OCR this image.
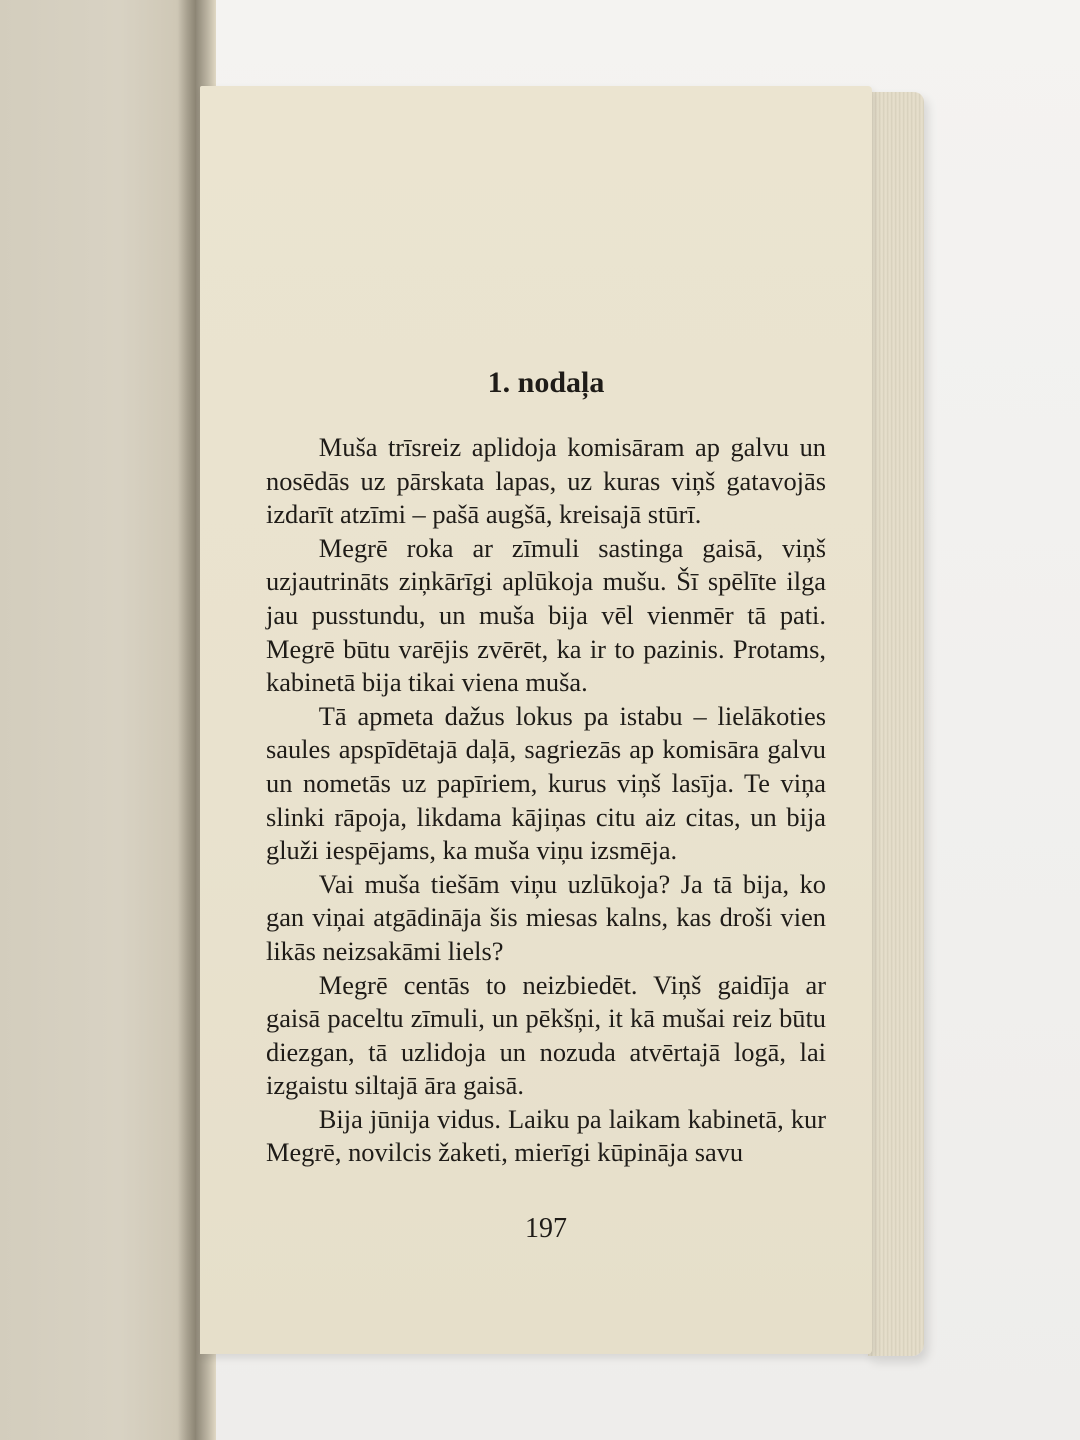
1. nodaļa

Muša trīsreiz aplidoja komisāram ap galvu un nosēdās uz pārskata lapas, uz kuras viņš gatavojās izdarīt atzīmi – pašā augšā, kreisajā stūrī.

Megrē roka ar zīmuli sastinga gaisā, viņš uzjautrināts ziņkārīgi aplūkoja mušu. Šī spēlīte ilga jau pusstundu, un muša bija vēl vienmēr tā pati. Megrē būtu varējis zvērēt, ka ir to pazinis. Protams, kabinetā bija tikai viena muša.

Tā apmeta dažus lokus pa istabu – lielākoties saules apspīdētajā daļā, sagriezās ap komisāra galvu un nometās uz papīriem, kurus viņš lasīja. Te viņa slinki rāpoja, likdama kājiņas citu aiz citas, un bija gluži iespējams, ka muša viņu izsmēja.

Vai muša tiešām viņu uzlūkoja? Ja tā bija, ko gan viņai atgādināja šis miesas kalns, kas droši vien likās neizsakāmi liels?

Megrē centās to neizbiedēt. Viņš gaidīja ar gaisā paceltu zīmuli, un pēkšņi, it kā mušai reiz būtu diezgan, tā uzlidoja un nozuda atvērtajā logā, lai izgaistu siltajā āra gaisā.

Bija jūnija vidus. Laiku pa laikam kabinetā, kur Megrē, novilcis žaketi, mierīgi kūpināja savu

197
